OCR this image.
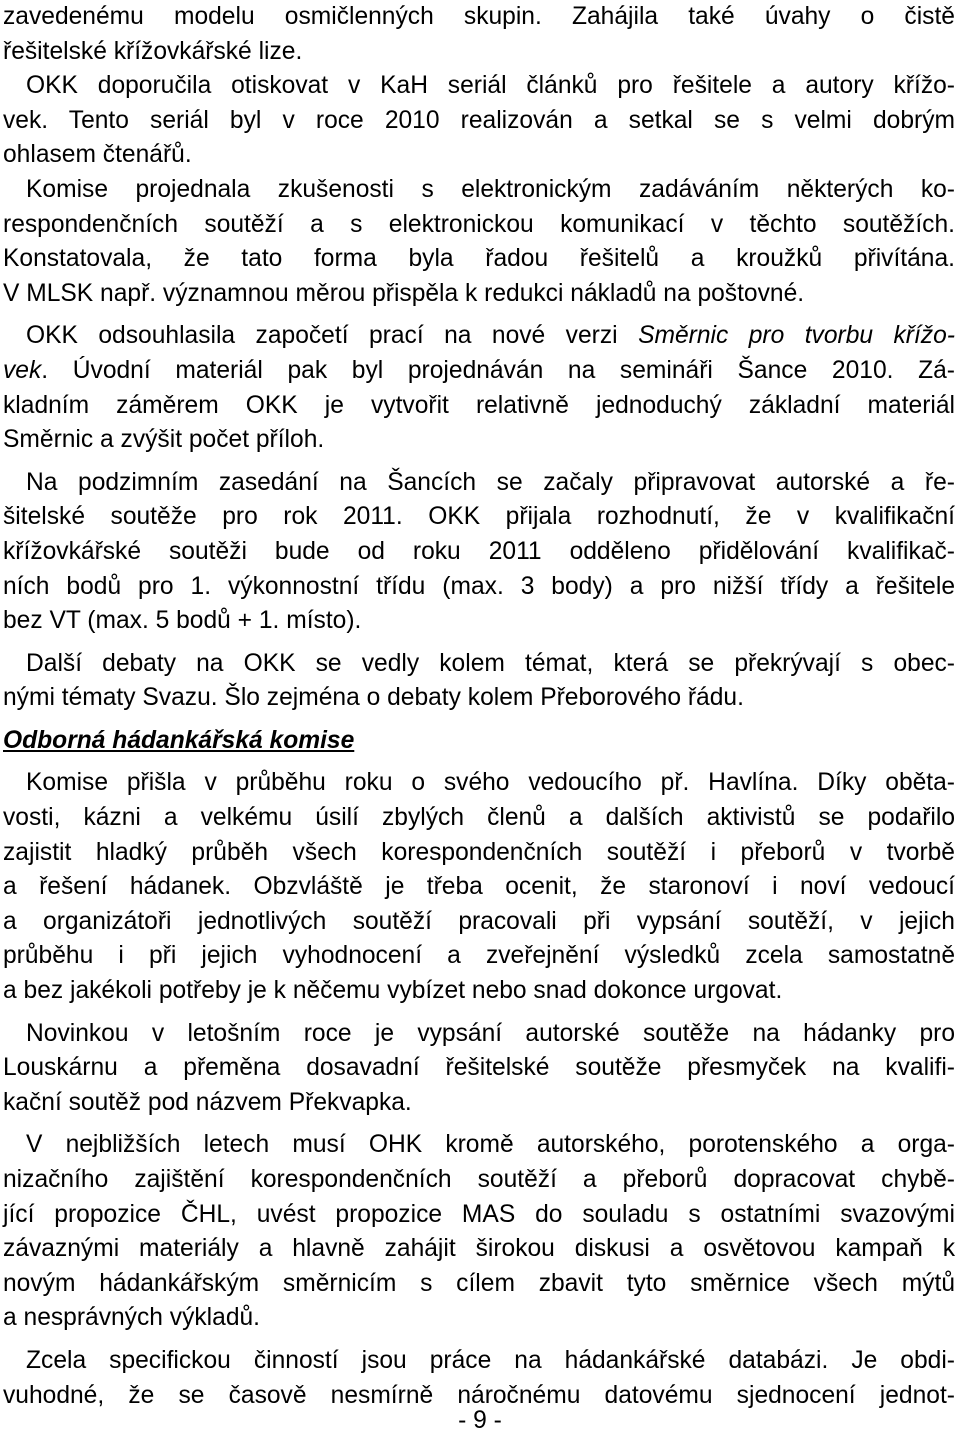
zavedenému modelu osmičlenných skupin. Zahájila také úvahy o čistě
řešitelské křížovkářské lize.

OKK doporučila otiskovat v KaH seriál článků pro řešitele a autory křížo-
vek. Tento seriál byl v roce 2010 realizován a setkal se s velmi dobrým
ohlasem čtenářů.

Komise projednala zkušenosti s elektronickým zadáváním některých ko-
respondenčních soutěží a s elektronickou komunikací v těchto soutěžích.
Konstatovala, že tato forma byla řadou řešitelů a kroužků přivítána.
V MLSK např. významnou měrou přispěla k redukci nákladů na poštovné.

OKK odsouhlasila započetí prací na nové verzi Směrnic pro tvorbu křížo-
vek. Úvodní materiál pak byl projednáván na semináři Šance 2010. Zá-
kladním záměrem OKK je vytvořit relativně jednoduchý základní materiál
Směrnic a zvýšit počet příloh.

Na podzimním zasedání na Šancích se začaly připravovat autorské a ře-
šitelské soutěže pro rok 2011. OKK přijala rozhodnutí, že v kvalifikační
křížovkářské soutěži bude od roku 2011 odděleno přidělování kvalifikač-
ních bodů pro 1. výkonnostní třídu (max. 3 body) a pro nižší třídy a řešitele
bez VT (max. 5 bodů + 1. místo).

Další debaty na OKK se vedly kolem témat, která se překrývají s obec-
nými tématy Svazu. Šlo zejména o debaty kolem Přeborového řádu.

Odborná hádankářská komise

Komise přišla v průběhu roku o svého vedoucího př. Havlína. Díky oběta-
vosti, kázni a velkému úsilí zbylých členů a dalších aktivistů se podařilo
zajistit hladký průběh všech korespondenčních soutěží i přeborů v tvorbě
a řešení hádanek. Obzvláště je třeba ocenit, že staronoví i noví vedoucí
a organizátoři jednotlivých soutěží pracovali při vypsání soutěží, v jejich
průběhu i při jejich vyhodnocení a zveřejnění výsledků zcela samostatně
a bez jakékoli potřeby je k něčemu vybízet nebo snad dokonce urgovat.

Novinkou v letošním roce je vypsání autorské soutěže na hádanky pro
Louskárnu a přeměna dosavadní řešitelské soutěže přesmyček na kvalifi-
kační soutěž pod názvem Překvapka.

V nejbližších letech musí OHK kromě autorského, porotenského a orga-
nizačního zajištění korespondenčních soutěží a přeborů dopracovat chybě-
jící propozice ČHL, uvést propozice MAS do souladu s ostatními svazovými
závaznými materiály a hlavně zahájit širokou diskusi a osvětovou kampaň k
novým hádankářským směrnicím s cílem zbavit tyto směrnice všech mýtů
a nesprávných výkladů.

Zcela specifickou činností jsou práce na hádankářské databázi. Je obdi-
vuhodné, že se časově nesmírně náročnému datovému sjednocení jednot-

- 9 -
